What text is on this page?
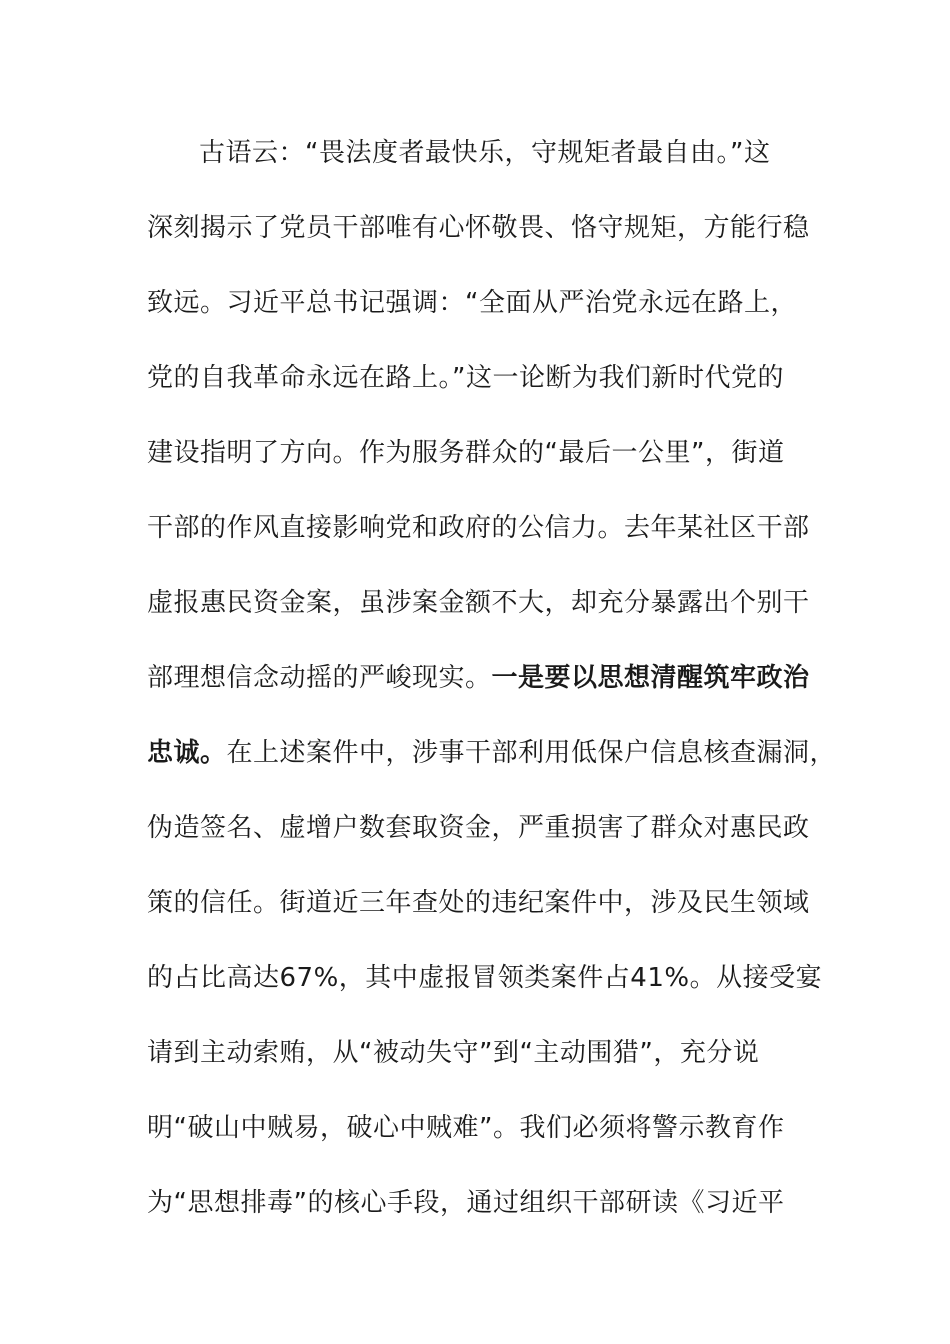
古语云：“畏法度者最快乐，守规矩者最自由。”这
深刻揭示了党员干部唯有心怀敬畏、恪守规矩，方能行稳
致远。习近平总书记强调：“全面从严治党永远在路上，
党的自我革命永远在路上。”这一论断为我们新时代党的
建设指明了方向。作为服务群众的“最后一公里”，街道
干部的作风直接影响党和政府的公信力。去年某社区干部
虚报惠民资金案，虽涉案金额不大，却充分暴露出个别干
部理想信念动摇的严峻现实。一是要以思想清醒筑牢政治
忠诚。在上述案件中，涉事干部利用低保户信息核查漏洞，
伪造签名、虚增户数套取资金，严重损害了群众对惠民政
策的信任。街道近三年查处的违纪案件中，涉及民生领域
的占比高达67%，其中虚报冒领类案件占41%。从接受宴
请到主动索贿，从“被动失守”到“主动围猎”，充分说
明“破山中贼易，破心中贼难”。我们必须将警示教育作
为“思想排毒”的核心手段，通过组织干部研读《习近平
